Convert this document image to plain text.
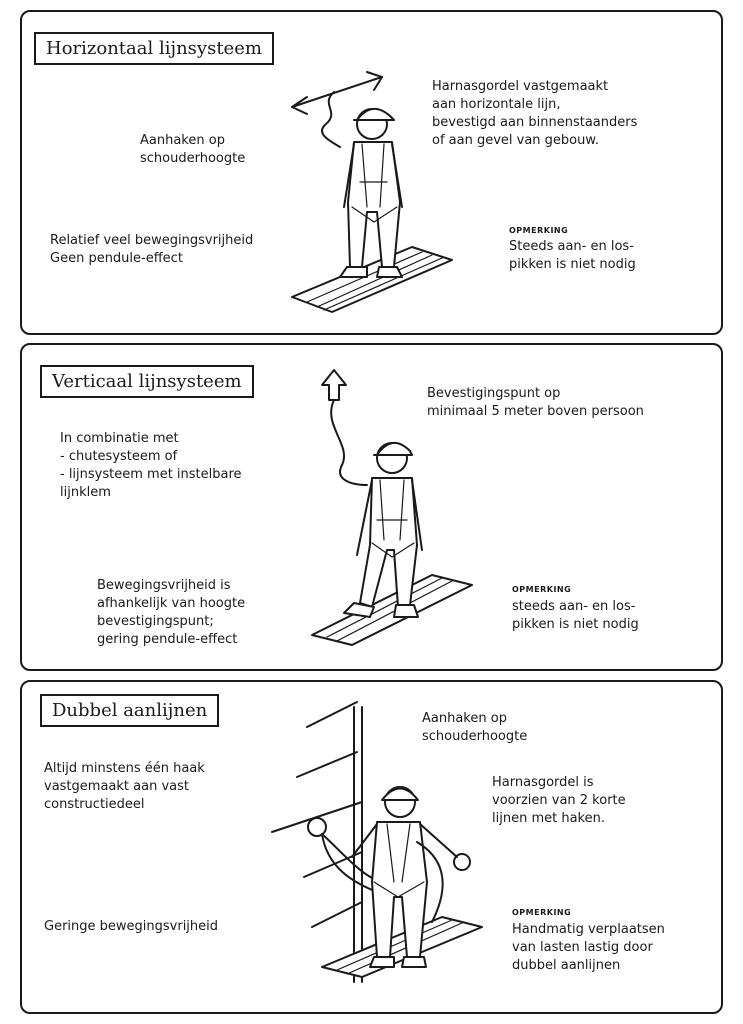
Horizontaal lijnsysteem
Aanhaken op
schouderhoogte
Harnasgordel vastgemaakt
aan horizontale lijn,
bevestigd aan binnenstaanders
of aan gevel van gebouw.
Relatief veel bewegingsvrijheid
Geen pendule-effect
OPMERKING
Steeds aan- en los-
pikken is niet nodig
Verticaal lijnsysteem
In combinatie met
- chutesysteem of
- lijnsysteem met instelbare
lijnklem
Bevestigingspunt op
minimaal 5 meter boven persoon
Bewegingsvrijheid is
afhankelijk van hoogte
bevestigingspunt;
gering pendule-effect
OPMERKING
steeds aan- en los-
pikken is niet nodig
Dubbel aanlijnen	Aanhaken op
schouderhoogte
Altijd minstens één haak
vastgemaakt aan vast
constructiedeel
Harnasgordel is
voorzien van 2 korte
lijnen met haken.
Geringe bewegingsvrijheid
OPMERKING
Handmatig verplaatsen
van lasten lastig door
dubbel aanlijnen
